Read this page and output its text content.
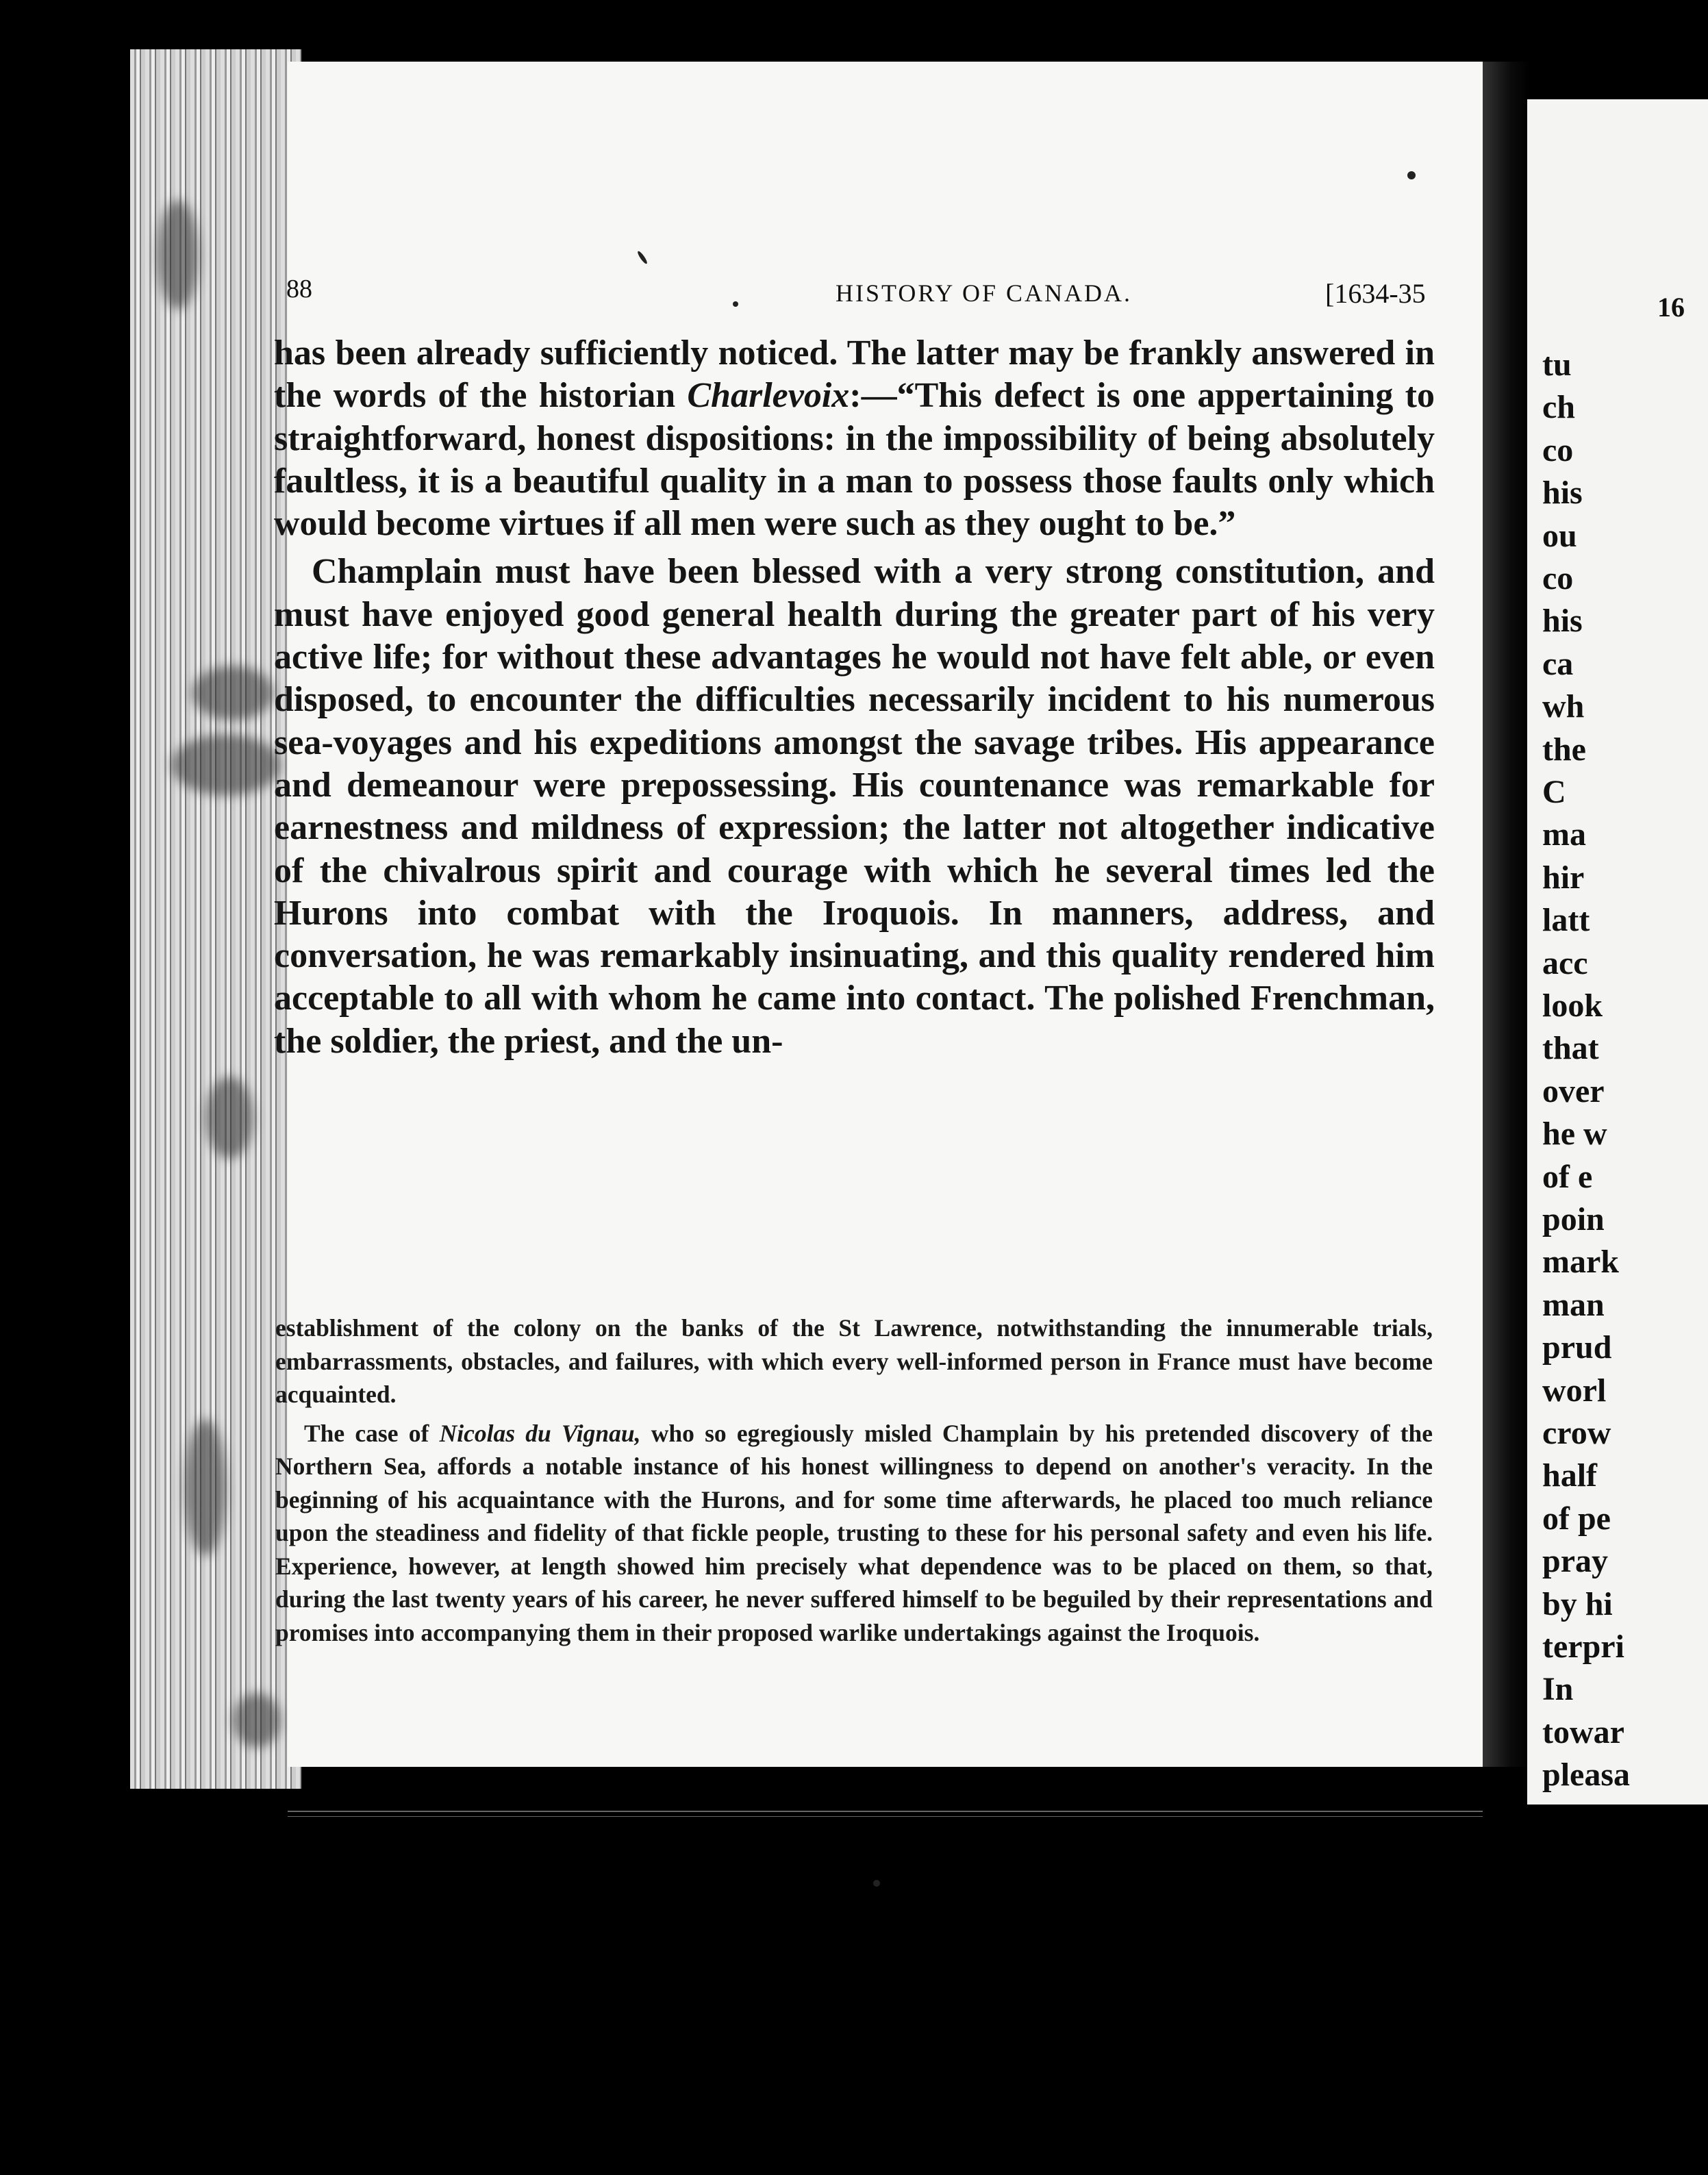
16
tu
ch
co
his
ou
co
his
ca
wh
the
C
ma
hir
latt
acc
look
that
over
he w
of e
poin
mark
man
prud
worl
crow
half
of pe
pray
by hi
terpri
In
towar
pleasa
88	HISTORY OF CANADA.	[1634-35

has been already sufficiently noticed. The latter may be frankly answered in the words of the historian Charlevoix:—“This defect is one appertaining to straightforward, honest dispositions: in the impossibility of being absolutely faultless, it is a beautiful quality in a man to possess those faults only which would become virtues if all men were such as they ought to be.”

Champlain must have been blessed with a very strong constitution, and must have enjoyed good general health during the greater part of his very active life; for without these advantages he would not have felt able, or even disposed, to encounter the difficulties necessarily incident to his numerous sea-voyages and his expeditions amongst the savage tribes. His appearance and demeanour were prepossessing. His countenance was remarkable for earnestness and mildness of expression; the latter not altogether indicative of the chivalrous spirit and courage with which he several times led the Hurons into combat with the Iroquois. In manners, address, and conversation, he was remarkably insinuating, and this quality rendered him acceptable to all with whom he came into contact. The polished Frenchman, the soldier, the priest, and the un-

establishment of the colony on the banks of the St Lawrence, notwithstanding the innumerable trials, embarrassments, obstacles, and failures, with which every well-informed person in France must have become acquainted.

The case of Nicolas du Vignau, who so egregiously misled Champlain by his pretended discovery of the Northern Sea, affords a notable instance of his honest willingness to depend on another's veracity. In the beginning of his acquaintance with the Hurons, and for some time afterwards, he placed too much reliance upon the steadiness and fidelity of that fickle people, trusting to these for his personal safety and even his life. Experience, however, at length showed him precisely what dependence was to be placed on them, so that, during the last twenty years of his career, he never suffered himself to be beguiled by their representations and promises into accompanying them in their proposed warlike undertakings against the Iroquois.
